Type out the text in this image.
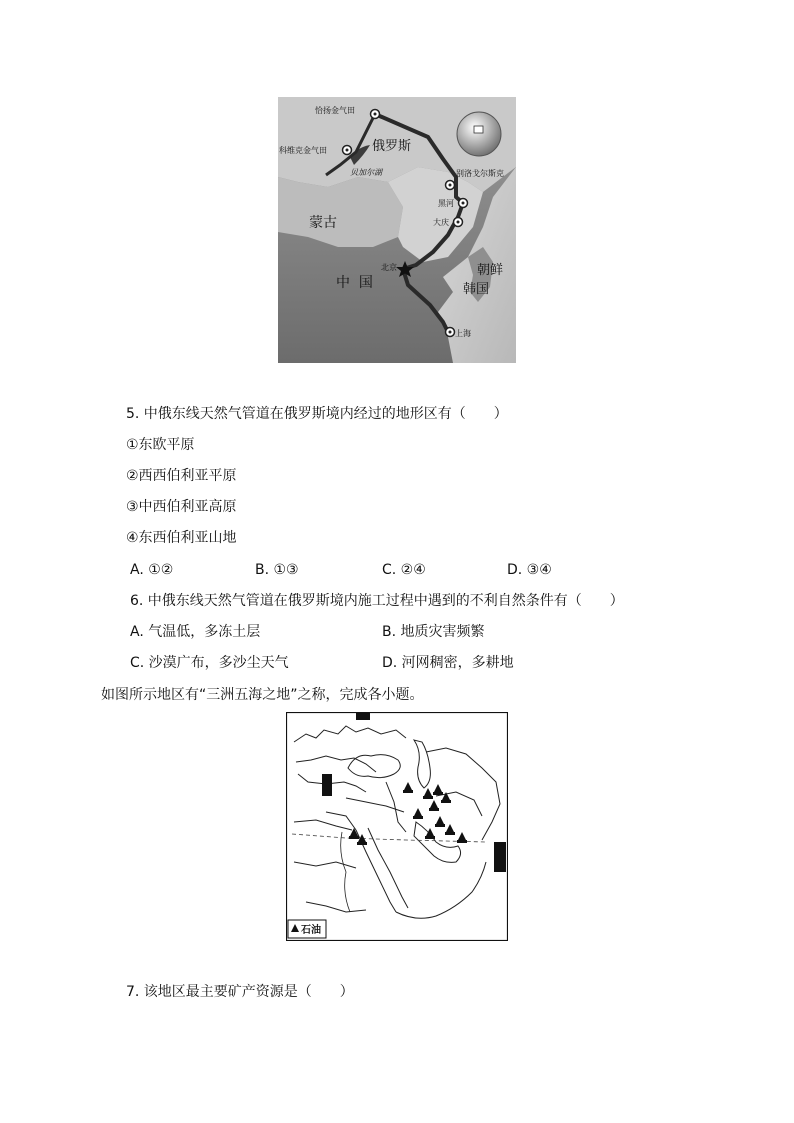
恰扬金气田
科维克金气田	俄罗斯
贝加尔湖	别洛戈尔斯克
黑河
大庆
蒙古
北京
中  国
朝鲜
韩国
上海
5. 中俄东线天然气管道在俄罗斯境内经过的地形区有（　　）
①东欧平原
②西西伯利亚平原
③中西伯利亚高原
④东西伯利亚山地
A. ①②	B. ①③	C. ②④	D. ③④
6. 中俄东线天然气管道在俄罗斯境内施工过程中遇到的不利自然条件有（　　）
A. 气温低，多冻土层	B. 地质灾害频繁
C. 沙漠广布，多沙尘天气	D. 河网稠密，多耕地
如图所示地区有“三洲五海之地”之称，完成各小题。
石油
7. 该地区最主要矿产资源是（　　）
